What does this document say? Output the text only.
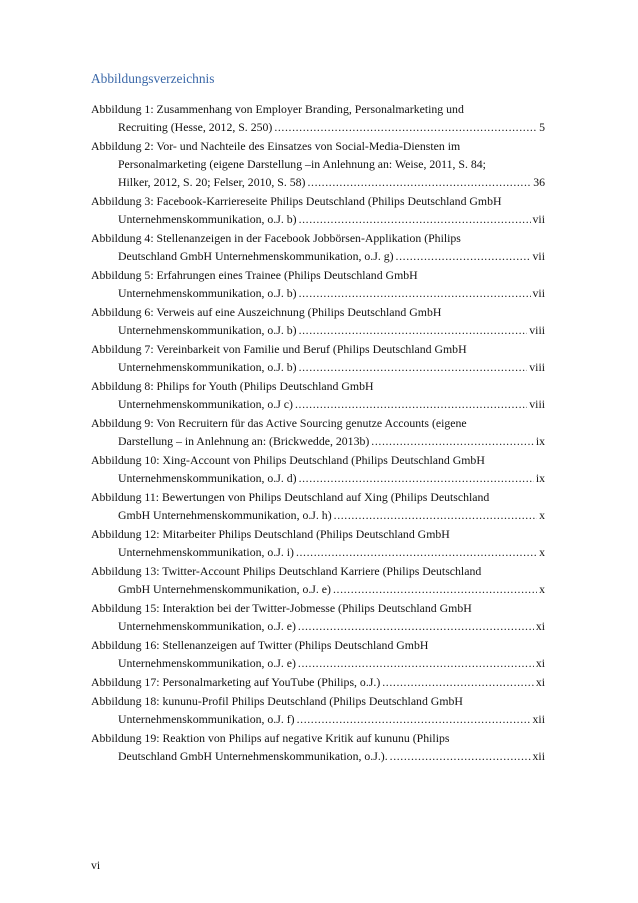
Abbildungsverzeichnis
Abbildung 1: Zusammenhang von Employer Branding, Personalmarketing und
Recruiting (Hesse, 2012, S. 250) .....	5
Abbildung 2: Vor- und Nachteile des Einsatzes von Social-Media-Diensten im
Personalmarketing (eigene Darstellung –in Anlehnung an: Weise, 2011, S. 84;
Hilker, 2012, S. 20; Felser, 2010, S. 58) .....	36
Abbildung 3: Facebook-Karriereseite Philips Deutschland (Philips Deutschland GmbH
Unternehmenskommunikation, o.J. b) .....	vii
Abbildung 4: Stellenanzeigen in der Facebook Jobbörsen-Applikation (Philips
Deutschland GmbH Unternehmenskommunikation, o.J. g) .....	vii
Abbildung 5: Erfahrungen eines Trainee (Philips Deutschland GmbH
Unternehmenskommunikation, o.J. b) .....	vii
Abbildung 6: Verweis auf eine Auszeichnung (Philips Deutschland GmbH
Unternehmenskommunikation, o.J. b) .....	viii
Abbildung 7: Vereinbarkeit von Familie und Beruf (Philips Deutschland GmbH
Unternehmenskommunikation, o.J. b) .....	viii
Abbildung 8: Philips for Youth (Philips Deutschland GmbH
Unternehmenskommunikation, o.J c) .....	viii
Abbildung 9: Von Recruitern für das Active Sourcing genutze Accounts (eigene
Darstellung – in Anlehnung an: (Brickwedde, 2013b) .....	ix
Abbildung 10: Xing-Account von Philips Deutschland (Philips Deutschland GmbH
Unternehmenskommunikation, o.J. d) .....	ix
Abbildung 11: Bewertungen von Philips Deutschland auf Xing (Philips Deutschland
GmbH Unternehmenskommunikation, o.J. h) .....	x
Abbildung 12: Mitarbeiter Philips Deutschland (Philips Deutschland GmbH
Unternehmenskommunikation, o.J. i) .....	x
Abbildung 13: Twitter-Account Philips Deutschland Karriere (Philips Deutschland
GmbH Unternehmenskommunikation, o.J. e) .....	x
Abbildung 15: Interaktion bei der Twitter-Jobmesse (Philips Deutschland GmbH
Unternehmenskommunikation, o.J. e) .....	xi
Abbildung 16: Stellenanzeigen auf Twitter (Philips Deutschland GmbH
Unternehmenskommunikation, o.J. e) .....	xi
Abbildung 17: Personalmarketing auf YouTube (Philips, o.J.) .....	xi
Abbildung 18: kununu-Profil Philips Deutschland (Philips Deutschland GmbH
Unternehmenskommunikation, o.J. f) .....	xii
Abbildung 19: Reaktion von Philips auf negative Kritik auf kununu (Philips
Deutschland GmbH Unternehmenskommunikation, o.J.). .....	xii
vi
